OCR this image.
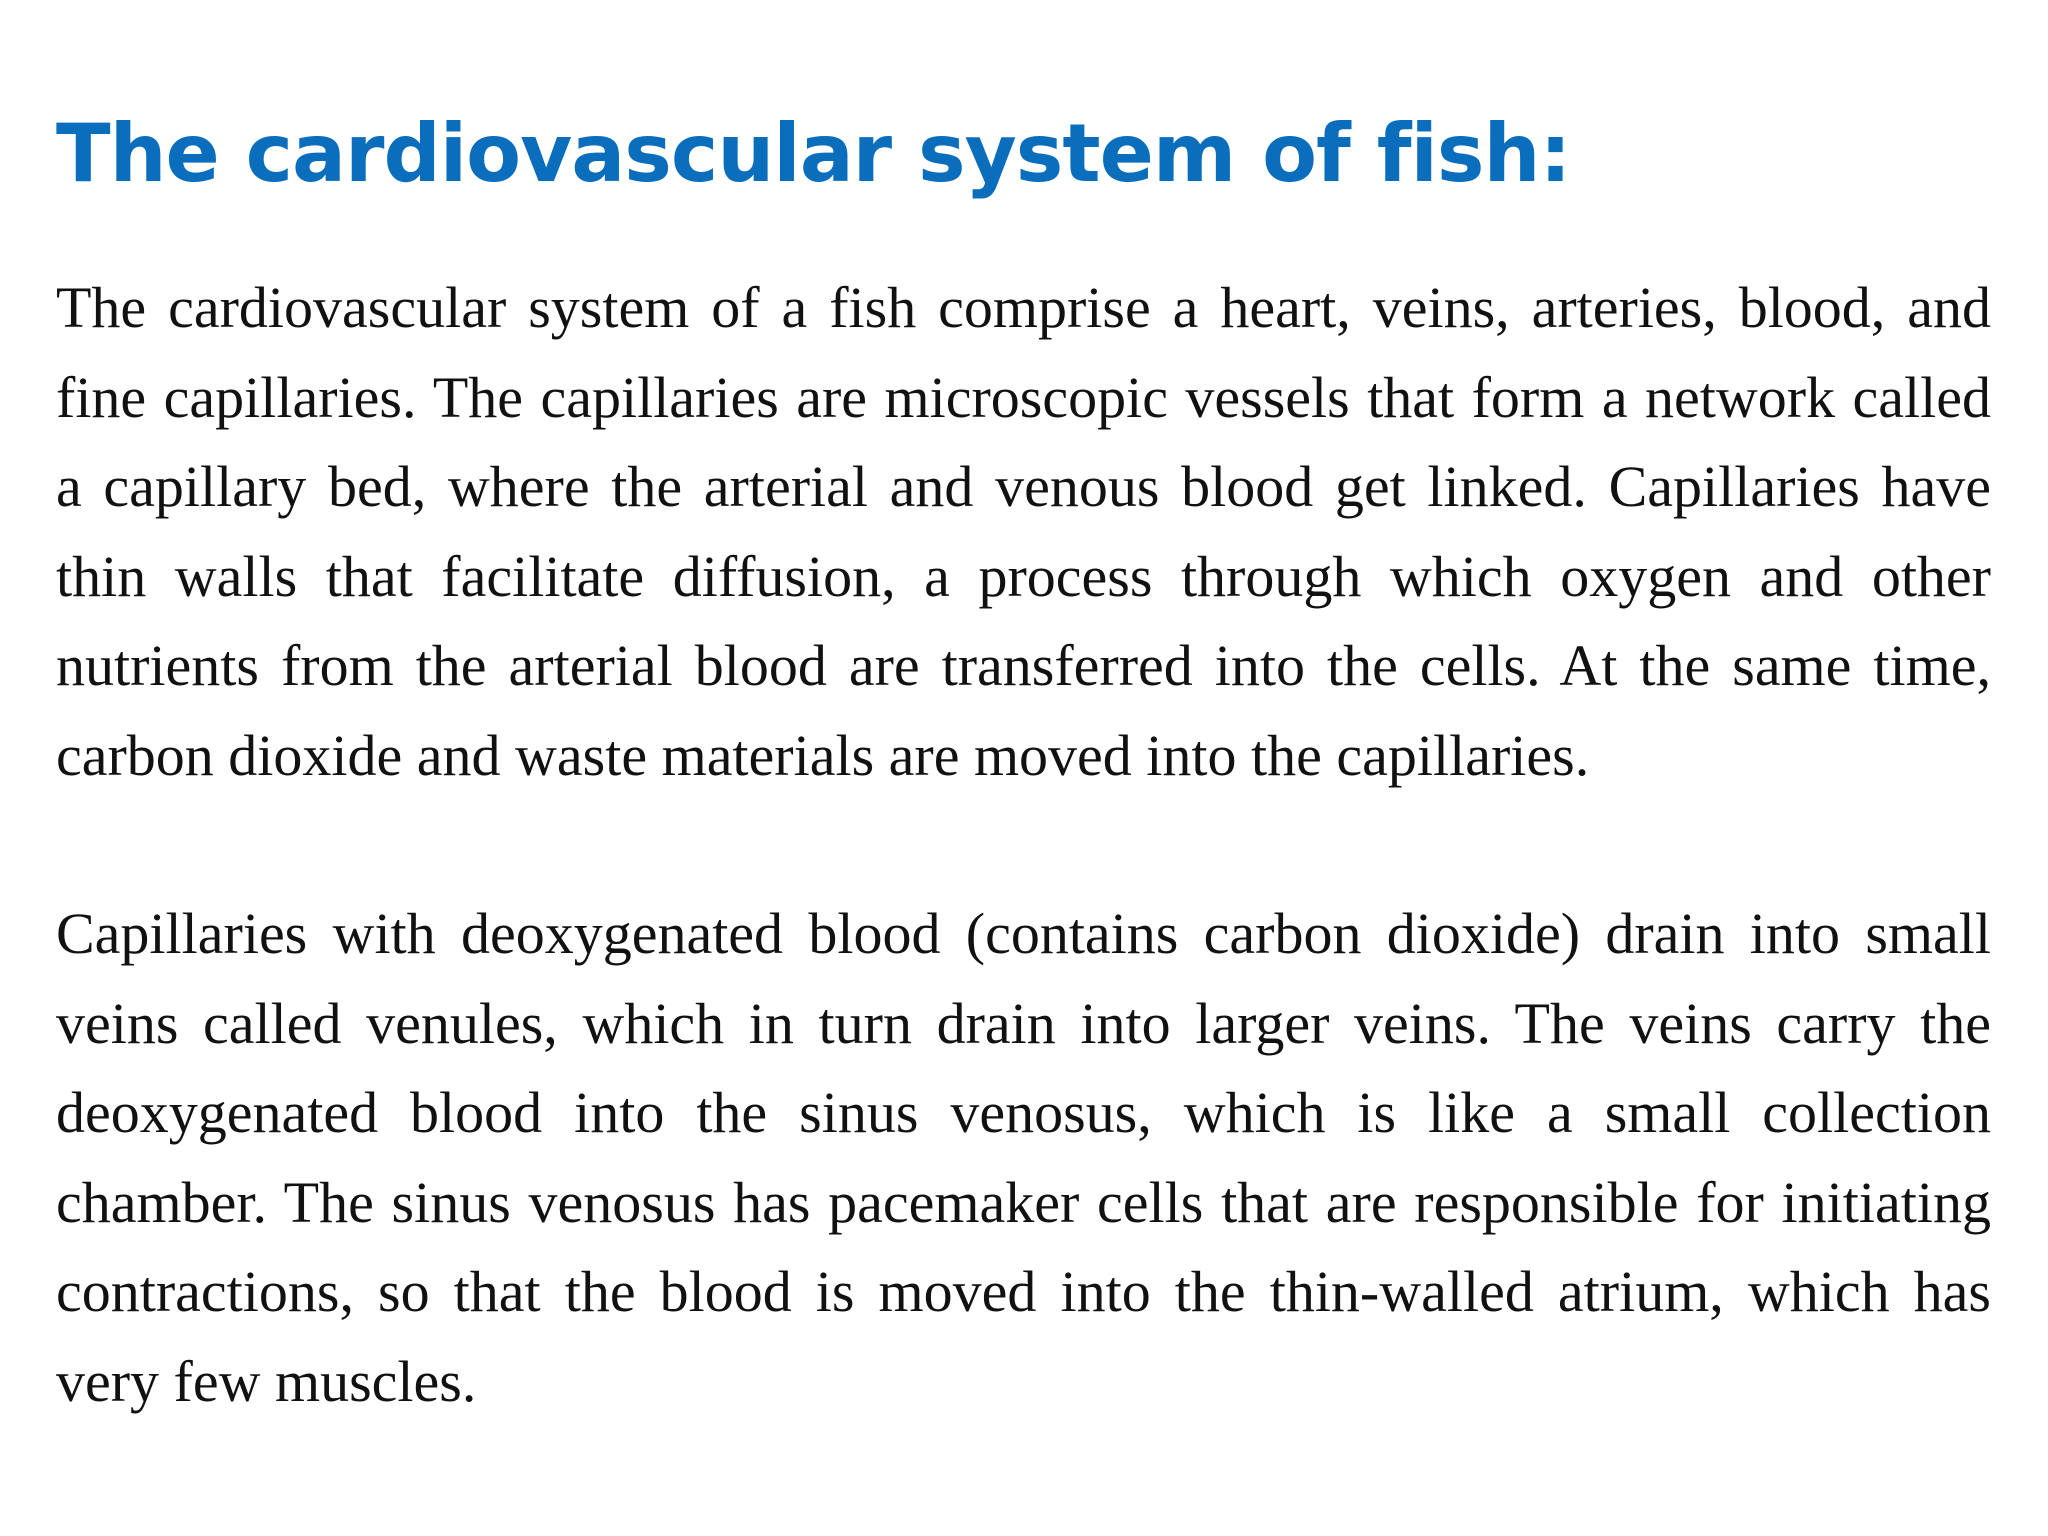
The cardiovascular system of fish:

The cardiovascular system of a fish comprise a heart, veins, arteries, blood, and fine capillaries. The capillaries are microscopic vessels that form a network called a capillary bed, where the arterial and venous blood get linked. Capillaries have thin walls that facilitate diffusion, a process through which oxygen and other nutrients from the arterial blood are transferred into the cells. At the same time, carbon dioxide and waste materials are moved into the capillaries.

Capillaries with deoxygenated blood (contains carbon dioxide) drain into small veins called venules, which in turn drain into larger veins. The veins carry the deoxygenated blood into the sinus venosus, which is like a small collection chamber. The sinus venosus has pacemaker cells that are responsible for initiating contractions, so that the blood is moved into the thin-walled atrium, which has very few muscles.
